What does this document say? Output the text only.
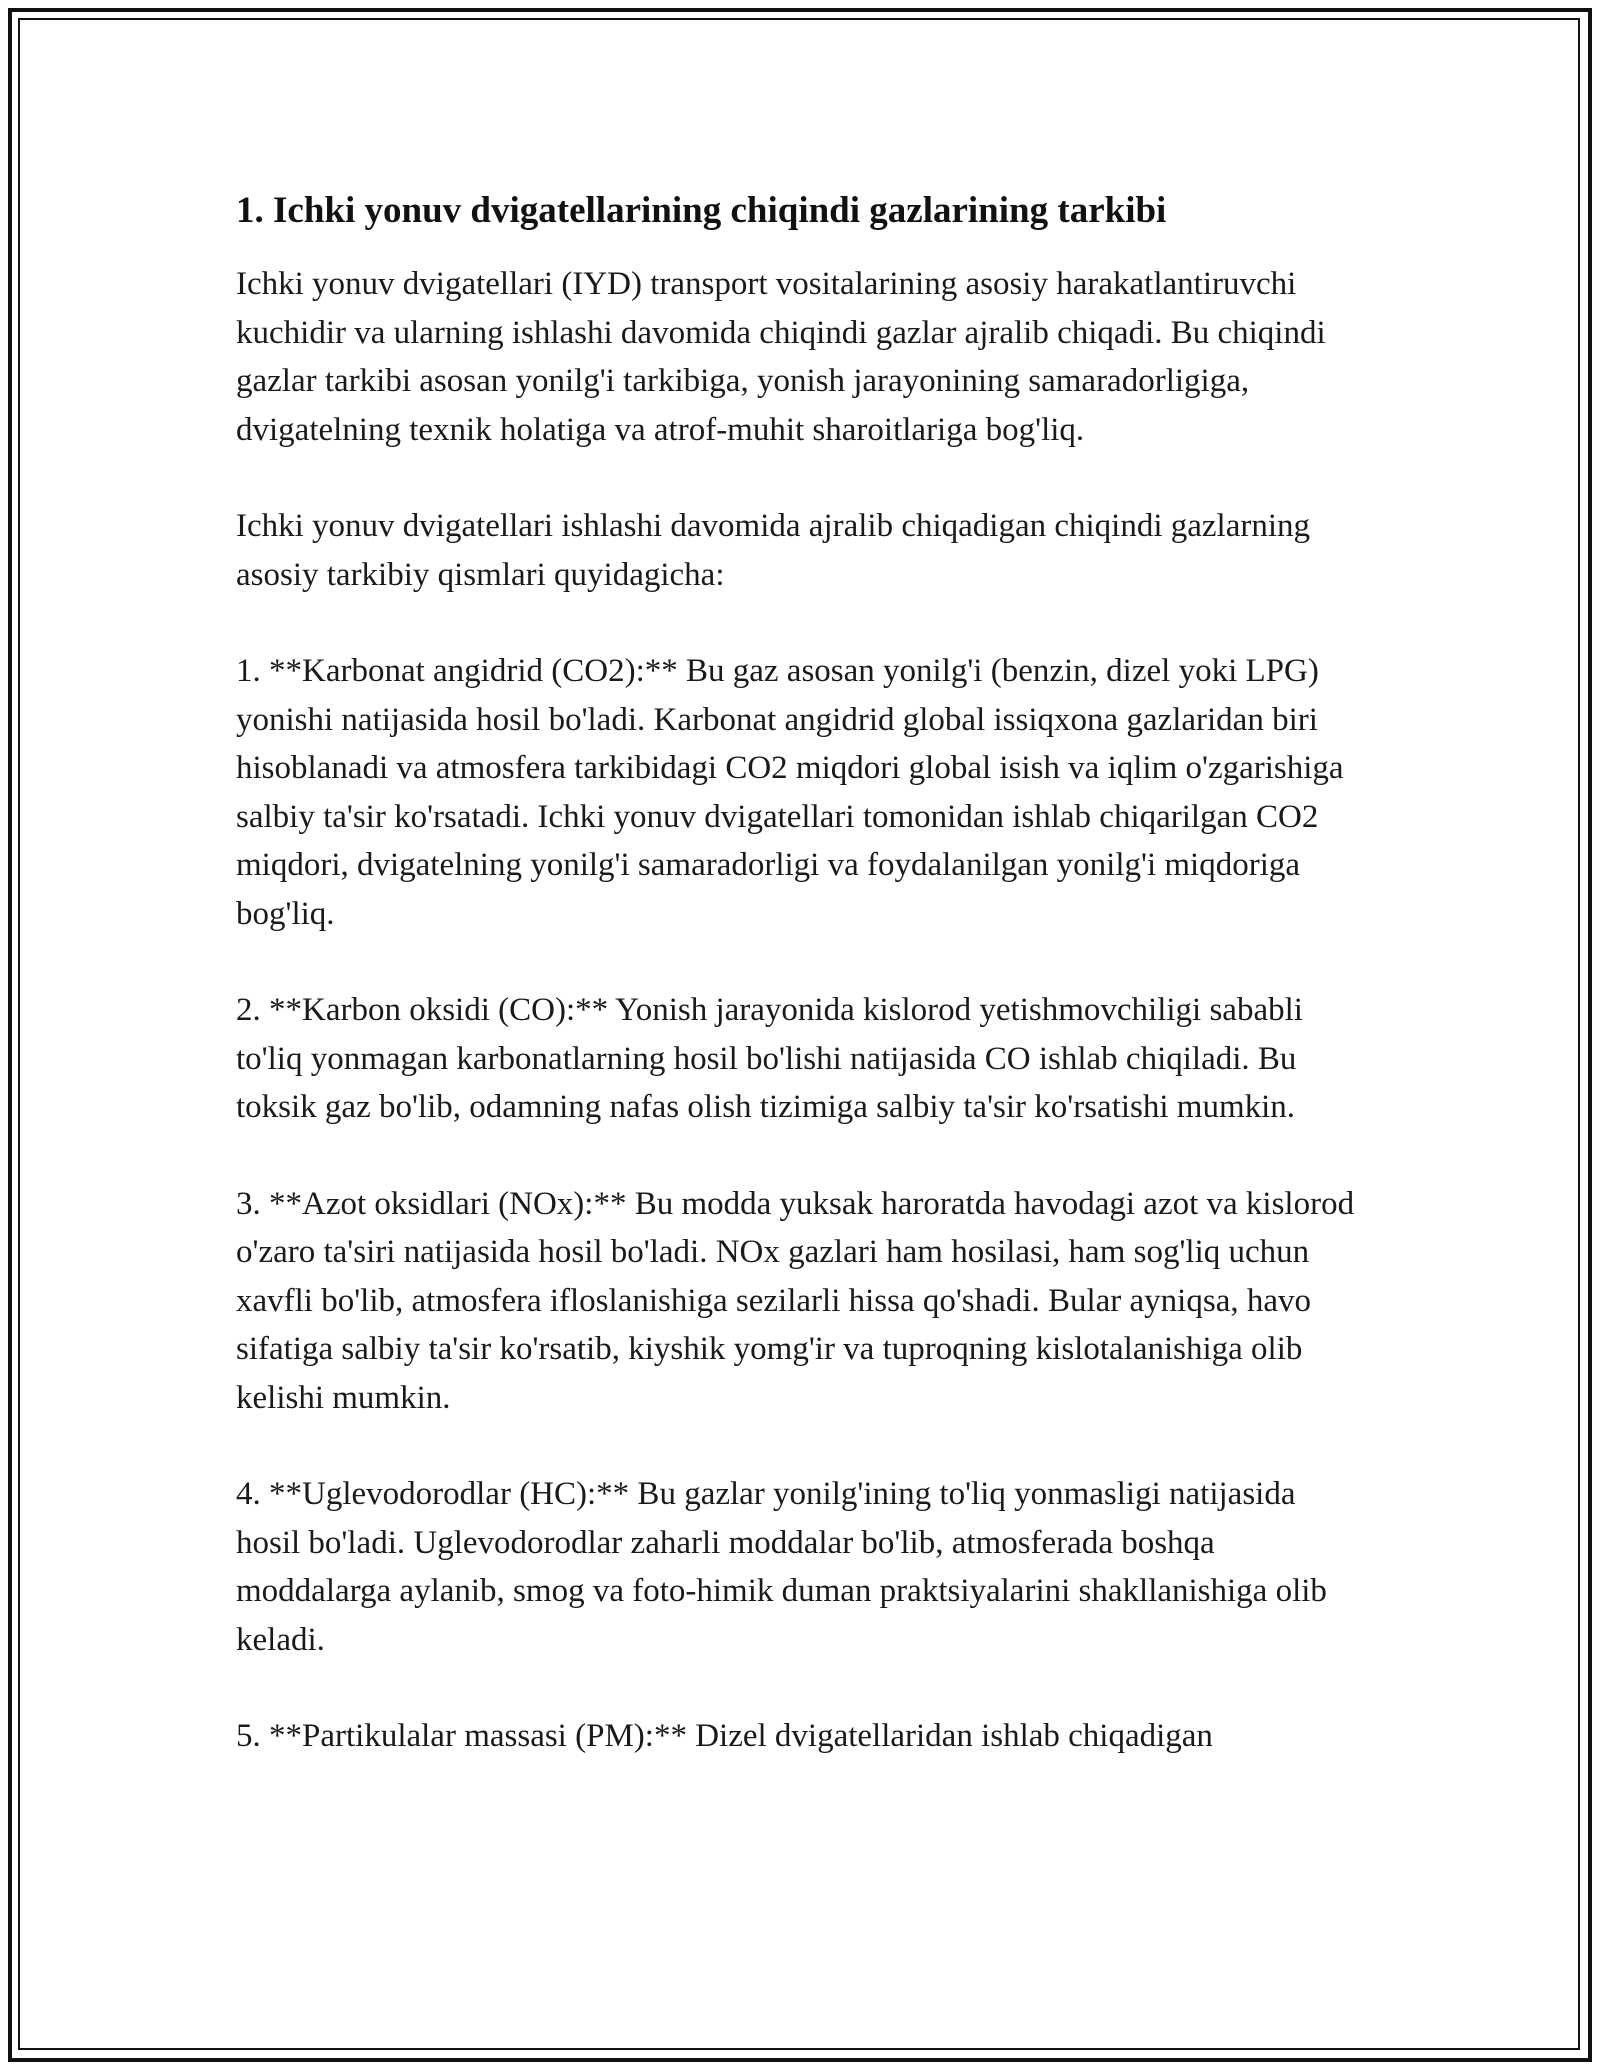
1. Ichki yonuv dvigatellarining chiqindi gazlarining tarkibi

Ichki yonuv dvigatellari (IYD) transport vositalarining asosiy harakatlantiruvchi kuchidir va ularning ishlashi davomida chiqindi gazlar ajralib chiqadi. Bu chiqindi gazlar tarkibi asosan yonilg'i tarkibiga, yonish jarayonining samaradorligiga, dvigatelning texnik holatiga va atrof-muhit sharoitlariga bog'liq.

Ichki yonuv dvigatellari ishlashi davomida ajralib chiqadigan chiqindi gazlarning asosiy tarkibiy qismlari quyidagicha:

1. **Karbonat angidrid (CO2):** Bu gaz asosan yonilg'i (benzin, dizel yoki LPG) yonishi natijasida hosil bo'ladi. Karbonat angidrid global issiqxona gazlaridan biri hisoblanadi va atmosfera tarkibidagi CO2 miqdori global isish va iqlim o'zgarishiga salbiy ta'sir ko'rsatadi. Ichki yonuv dvigatellari tomonidan ishlab chiqarilgan CO2 miqdori, dvigatelning yonilg'i samaradorligi va foydalanilgan yonilg'i miqdoriga bog'liq.

2. **Karbon oksidi (CO):** Yonish jarayonida kislorod yetishmovchiligi sababli to'liq yonmagan karbonatlarning hosil bo'lishi natijasida CO ishlab chiqiladi. Bu toksik gaz bo'lib, odamning nafas olish tizimiga salbiy ta'sir ko'rsatishi mumkin.

3. **Azot oksidlari (NOx):** Bu modda yuksak haroratda havodagi azot va kislorod o'zaro ta'siri natijasida hosil bo'ladi. NOx gazlari ham hosilasi, ham sog'liq uchun xavfli bo'lib, atmosfera ifloslanishiga sezilarli hissa qo'shadi. Bular ayniqsa, havo sifatiga salbiy ta'sir ko'rsatib, kiyshik yomg'ir va tuproqning kislotalanishiga olib kelishi mumkin.

4. **Uglevodorodlar (HC):** Bu gazlar yonilg'ining to'liq yonmasligi natijasida hosil bo'ladi. Uglevodorodlar zaharli moddalar bo'lib, atmosferada boshqa moddalarga aylanib, smog va foto-himik duman praktsiyalarini shakllanishiga olib keladi.

5. **Partikulalar massasi (PM):** Dizel dvigatellaridan ishlab chiqadigan
